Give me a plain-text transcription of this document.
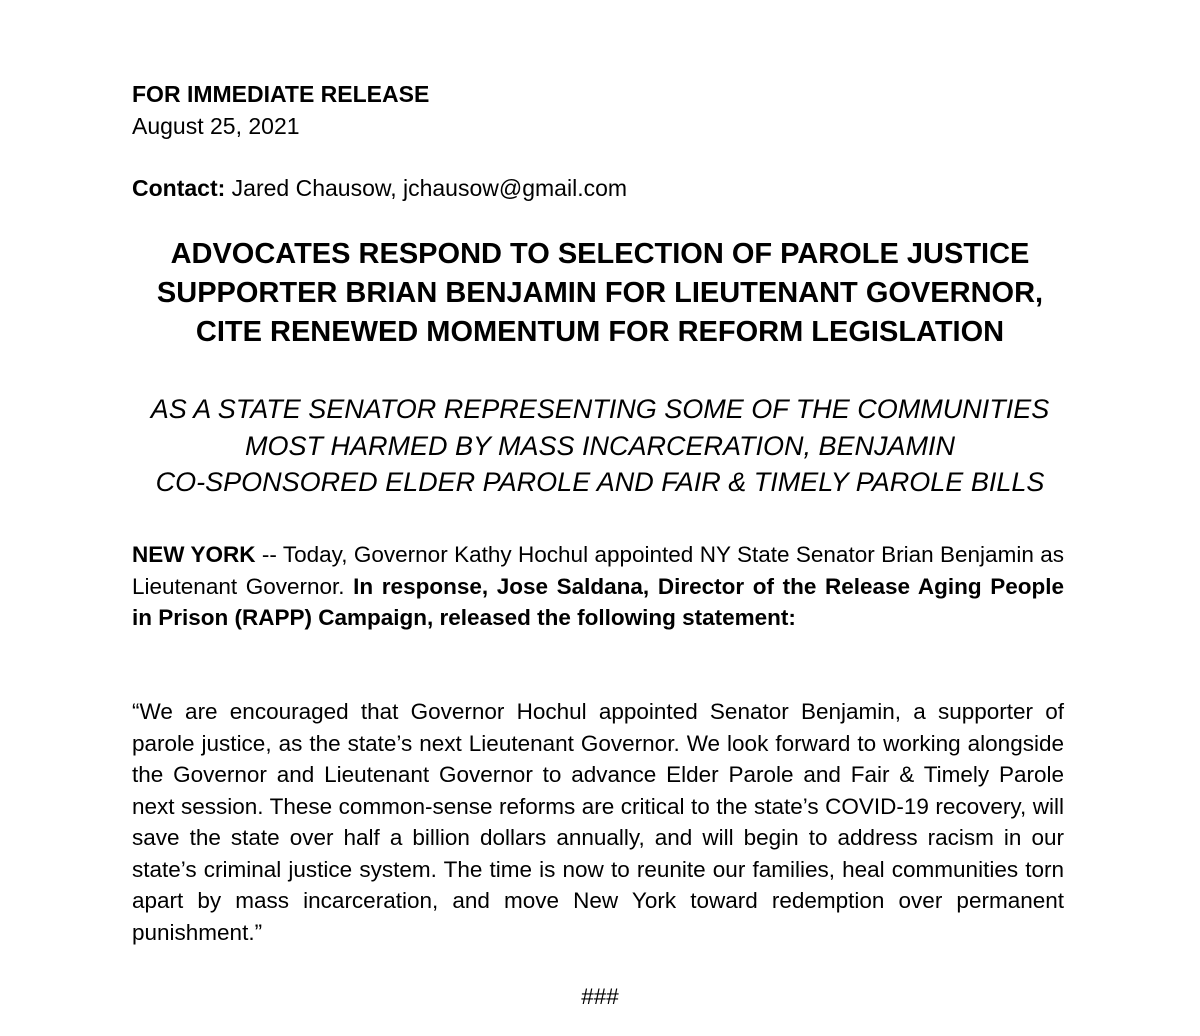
FOR IMMEDIATE RELEASE
August 25, 2021
Contact: Jared Chausow, jchausow@gmail.com
ADVOCATES RESPOND TO SELECTION OF PAROLE JUSTICE
SUPPORTER BRIAN BENJAMIN FOR LIEUTENANT GOVERNOR,
CITE RENEWED MOMENTUM FOR REFORM LEGISLATION
AS A STATE SENATOR REPRESENTING SOME OF THE COMMUNITIES
MOST HARMED BY MASS INCARCERATION, BENJAMIN
CO-SPONSORED ELDER PAROLE AND FAIR & TIMELY PAROLE BILLS
NEW YORK -- Today, Governor Kathy Hochul appointed NY State Senator Brian Benjamin as Lieutenant Governor. In response, Jose Saldana, Director of the Release Aging People in Prison (RAPP) Campaign, released the following statement:
“We are encouraged that Governor Hochul appointed Senator Benjamin, a supporter of parole justice, as the state’s next Lieutenant Governor. We look forward to working alongside the Governor and Lieutenant Governor to advance Elder Parole and Fair & Timely Parole next session. These common-sense reforms are critical to the state’s COVID-19 recovery, will save the state over half a billion dollars annually, and will begin to address racism in our state’s criminal justice system. The time is now to reunite our families, heal communities torn apart by mass incarceration, and move New York toward redemption over permanent punishment.”
###
